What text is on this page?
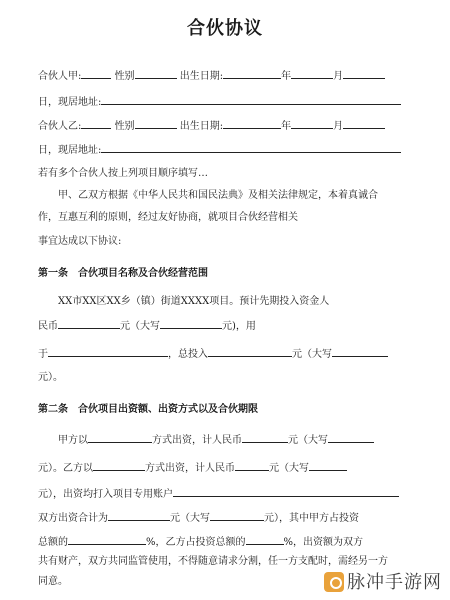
合伙协议
合伙人甲:	性别	出生日期:	年	月
日，现居地址:
合伙人乙:	性别	出生日期:	年	月
日，现居地址:
若有多个合伙人按上列项目顺序填写…
甲、乙双方根据《中华人民共和国民法典》及相关法律规定，本着真诚合
作，互惠互利的原则，经过友好协商，就项目合伙经营相关
事宜达成以下协议:
第一条　合伙项目名称及合伙经营范围
XX市XX区XX乡（镇）街道XXXX项目。预计先期投入资金人
民币	元（大写	元)，用
于	，总投入	元（大写
元）。
第二条　合伙项目出资额、出资方式以及合伙期限
甲方以	方式出资，计人民币	元（大写
元）。乙方以	方式出资，计人民币	元（大写
元），出资均打入项目专用账户
双方出资合计为	元（大写	元），其中甲方占投资
总额的	%，乙方占投资总额的	%，出资额为双方
共有财产，双方共同监管使用，不得随意请求分割，任一方支配时，需经另一方
同意。	脉冲手游网
